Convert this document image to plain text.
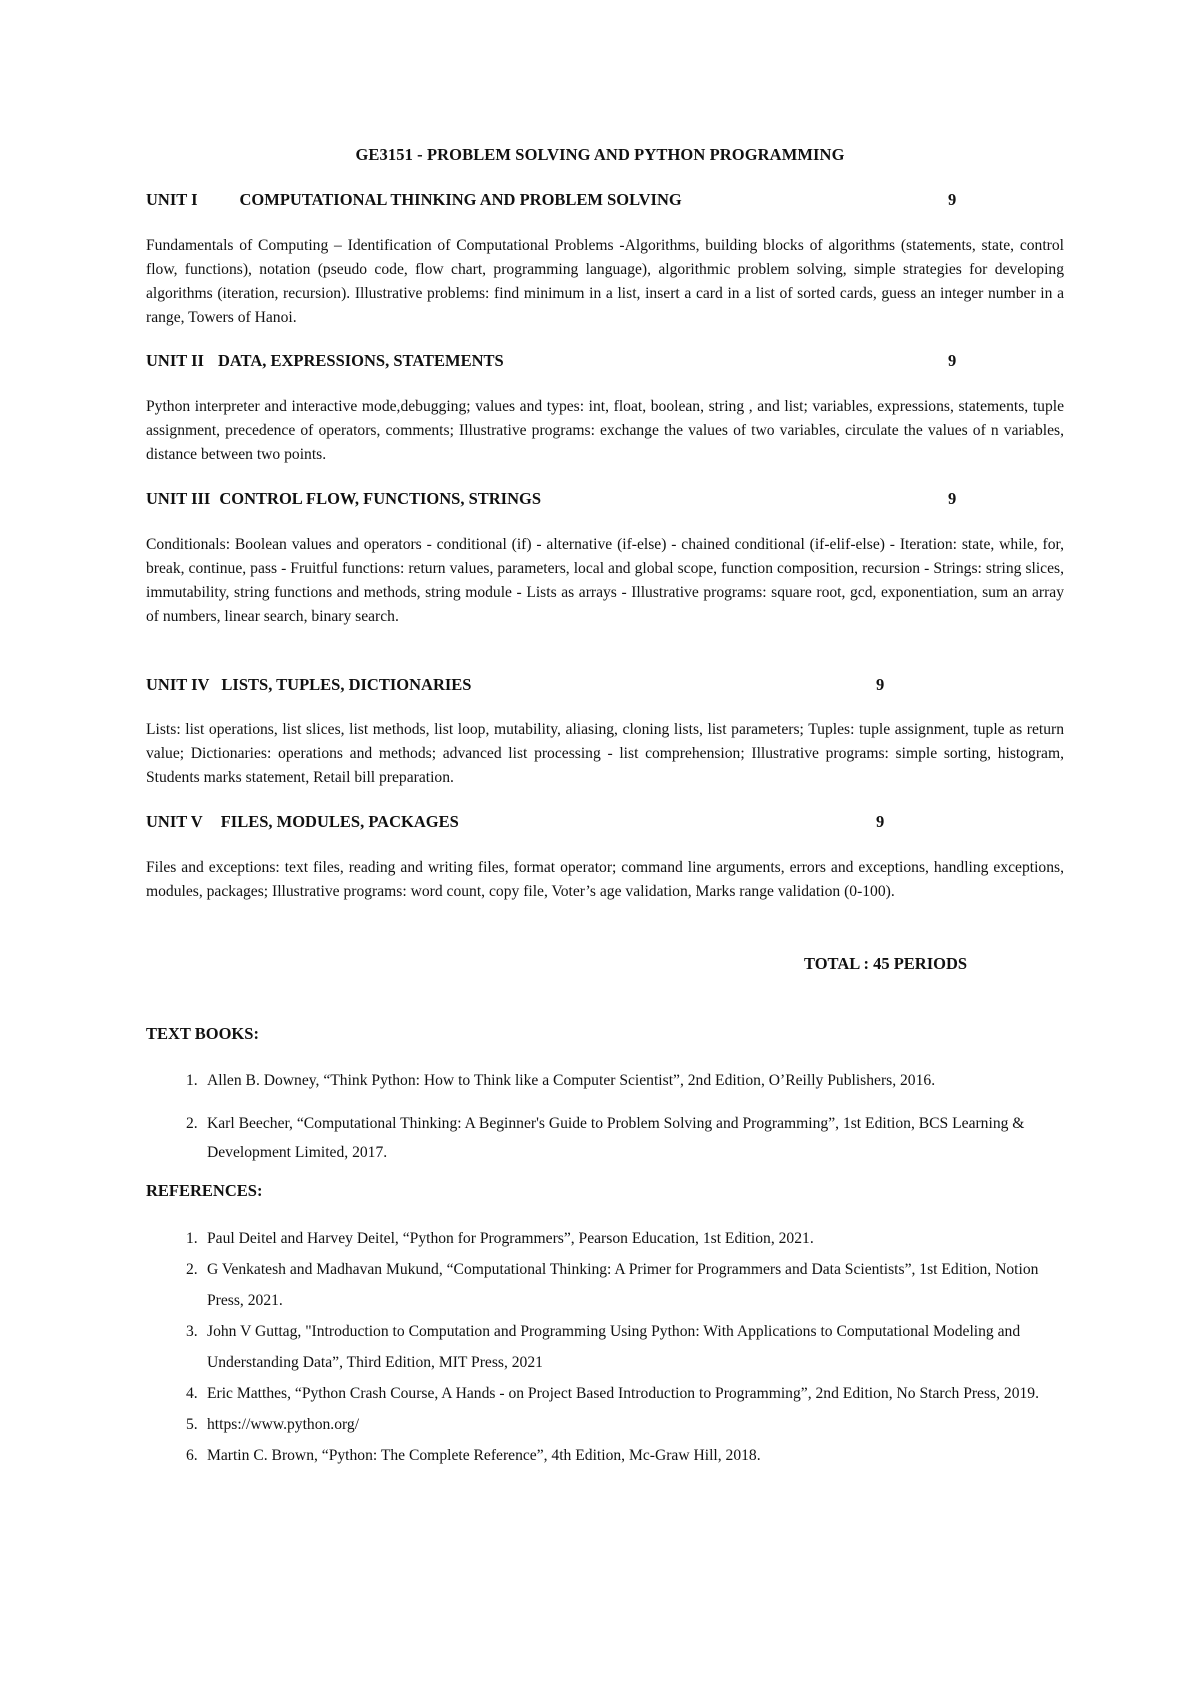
GE3151 - PROBLEM SOLVING AND PYTHON PROGRAMMING
UNIT I	COMPUTATIONAL THINKING AND PROBLEM SOLVING	9
Fundamentals of Computing – Identification of Computational Problems -Algorithms, building blocks of algorithms (statements, state, control flow, functions), notation (pseudo code, flow chart, programming language), algorithmic problem solving, simple strategies for developing algorithms (iteration, recursion). Illustrative problems: find minimum in a list, insert a card in a list of sorted cards, guess an integer number in a range, Towers of Hanoi.
UNIT II DATA, EXPRESSIONS, STATEMENTS	9
Python interpreter and interactive mode,debugging; values and types: int, float, boolean, string , and list; variables, expressions, statements, tuple assignment, precedence of operators, comments; Illustrative programs: exchange the values of two variables, circulate the values of n variables, distance between two points.
UNIT III CONTROL FLOW, FUNCTIONS, STRINGS	9
Conditionals: Boolean values and operators - conditional (if) - alternative (if-else) - chained conditional (if-elif-else) - Iteration: state, while, for, break, continue, pass - Fruitful functions: return values, parameters, local and global scope, function composition, recursion - Strings: string slices, immutability, string functions and methods, string module - Lists as arrays - Illustrative programs: square root, gcd, exponentiation, sum an array of numbers, linear search, binary search.
UNIT IV LISTS, TUPLES, DICTIONARIES	9
Lists: list operations, list slices, list methods, list loop, mutability, aliasing, cloning lists, list parameters; Tuples: tuple assignment, tuple as return value; Dictionaries: operations and methods; advanced list processing - list comprehension; Illustrative programs: simple sorting, histogram, Students marks statement, Retail bill preparation.
UNIT V FILES, MODULES, PACKAGES	9
Files and exceptions: text files, reading and writing files, format operator; command line arguments, errors and exceptions, handling exceptions, modules, packages; Illustrative programs: word count, copy file, Voter’s age validation, Marks range validation (0-100).
TOTAL : 45 PERIODS
TEXT BOOKS:
1. Allen B. Downey, “Think Python: How to Think like a Computer Scientist”, 2nd Edition, O’Reilly Publishers, 2016.
2. Karl Beecher, “Computational Thinking: A Beginner's Guide to Problem Solving and Programming”, 1st Edition, BCS Learning & Development Limited, 2017.
REFERENCES:
1. Paul Deitel and Harvey Deitel, “Python for Programmers”, Pearson Education, 1st Edition, 2021.
2. G Venkatesh and Madhavan Mukund, “Computational Thinking: A Primer for Programmers and Data Scientists”, 1st Edition, Notion Press, 2021.
3. John V Guttag, "Introduction to Computation and Programming Using Python: With Applications to Computational Modeling and Understanding Data”, Third Edition, MIT Press, 2021
4. Eric Matthes, “Python Crash Course, A Hands - on Project Based Introduction to Programming”, 2nd Edition, No Starch Press, 2019.
5. https://www.python.org/
6. Martin C. Brown, “Python: The Complete Reference”, 4th Edition, Mc-Graw Hill, 2018.
